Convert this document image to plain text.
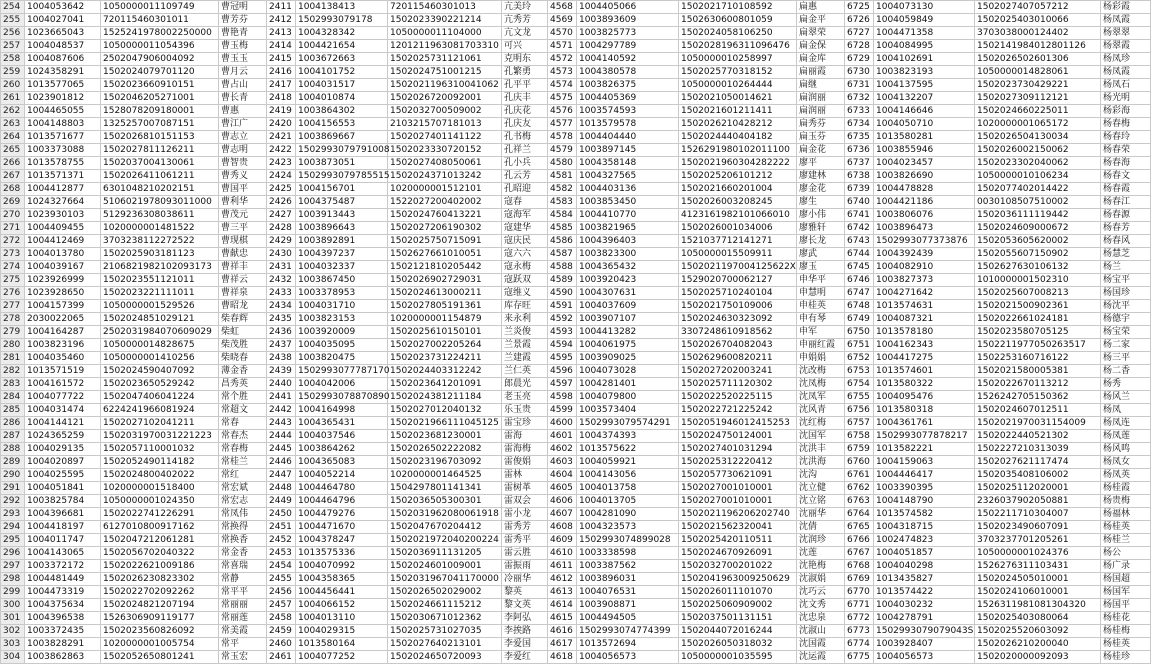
254	1004053642	1050000011109749	曹冠明	2411	1004138413	720115460301013	亢美玲	4568	1004405066	1502021710108592	扁惠	6725	1004073130	1502027407057212	杨彩霞
255	1004027041	720115460301011	曹芳芬	2412	1502993079178	1502023390221214	亢秀芳	4569	1003893609	1502630600801059	扁金平	6726	1004059849	1502025403010066	杨凤霞
256	1023665043	1525241978002250000	曹艳青	2413	1004328342	1050000011104000	亢文龙	4570	1003825773	1502024058106250	扁翠荣	6727	1004471358	3703038000124402	杨翠翠
257	1004048537	1050000011054396	曹玉梅	2414	1004421654	1201211963081703310	可兴	4571	1004297789	1502028196311096476	扁金保	6728	1004084995	1502141984012801126	杨翠霞
258	1004087606	2502047906004092	曹玉玉	2415	1003672663	1502025731121061	克明东	4572	1004140592	1050000010258997	扁金库	6729	1004102691	1502026502601306	杨凤珍
259	1024358291	1502024079701120	曹月云	2416	1004101752	1502024751001215	孔繁勇	4573	1004380578	1502025770318152	扁丽霞	6730	1003823193	1050000014828061	杨凤霞
260	1013577065	1502023660910151	曹占山	2417	1004031517	1502021196310041062	孔平平	4574	1003826375	1050000010264444	扁继	6731	1004137595	1502023730429221	杨凤石
261	1023901812	1502046205271001	曹长青	2418	1004010874	1502026720092001	孔庆丰	4575	1004405369	1502021050014621	扁润丽	6732	1004132207	1502027309112121	杨光明
262	1004465055	1528078209180001	曹惠	2419	1003864302	1502032700509002	孔庆花	4576	1003574593	1502021601211411	扁润丽	6733	1004146646	1502024660225011	杨彩海
263	1004148803	1325257007087151	曹江广	2420	1004156553	2103215707181013	孔庆友	4577	1013579578	1502026210428212	扁秀芬	6734	1004050710	1020000001065172	杨春梅
264	1013571677	1502026810151153	曹志立	2421	1003869667	1502027401141122	孔书梅	4578	1004404440	1502024440404182	扁玉芬	6735	1013580281	1502026504130034	杨春玲
265	1003373088	1502027811126211	曹志明	2422	1502993079791008	1502023330720152	孔祥兰	4579	1003897145	1526291980102011100	扁金花	6736	1003855946	1502026002150062	杨春荣
266	1013578755	1502037004130061	曹智贵	2423	1003873051	1502027408050061	孔小兵	4580	1004358148	1502021960304282222	廖平	6737	1004023457	1502023302040062	杨春海
267	1013571371	1502026411061211	曹秀义	2424	1502993079785515	1502024371013242	孔云芳	4581	1004327565	1502025206101212	廖建林	6738	1003826690	1050000010106234	杨春文
268	1004412877	6301048210202151	曹国平	2425	1004156701	1020000001512101	孔昭迎	4582	1004403136	1502021660201004	廖金花	6739	1004478828	1502077402014422	杨春霞
269	1024327664	5106021978093011000	曹利华	2426	1004375487	1522027200402002	寇春	4583	1003853450	1502026003208245	廖生	6740	1004421186	0030108507510002	杨春江
270	1023930103	5129236308038611	曹茂元	2427	1003913443	1502024760413221	寇海军	4584	1004410770	4123161982101066010	廖小伟	6741	1003806076	1502036111119442	杨春源
271	1004409455	1020000001481522	曹三平	2428	1003896643	1502027206190302	寇建华	4585	1003821965	1502026001034006	廖雅轩	6742	1003896473	1502024609000672	杨春芳
272	1004412469	3703238112272522	曹现棋	2429	1003892891	1502025750715091	寇庆民	4586	1004396403	1521037712141271	廖长龙	6743	1502993077373876	1502053605620002	杨春风
273	1004013780	1502025903181123	曹献忠	2430	1004397237	1502627661010051	寇六六	4587	1003823300	1050000015509911	廖武	6744	1004392439	1502055607150902	杨慧芝
274	1004039167	2106821982102093173	曹祥丰	2431	1004032337	1502121810205442	寇永梅	4588	1004365432	1502021197004125622X	廖玉	6745	1004082910	1502627630106132	杨兰
275	1023926999	1502023551121011	曹祥云	2432	1003867450	1502026902729031	寇跃双	4589	1003920423	1529020700062127	申华平	6746	1003827373	1010000001502310	杨宝平
276	1023928650	1502023221111011	曹祥泉	2433	1003378953	1502024613000211	寇维义	4590	1004307631	1502025710240104	申慧明	6747	1004271642	1502025607008213	杨国珍
277	1004157399	1050000001529526	曹昭龙	2434	1004031710	1502027805191361	库存旺	4591	1004037609	1502021750109006	申桂英	6748	1013574631	1502021500902361	杨沈平
278	2030022065	1502024851029121	柴春辉	2435	1003823153	1020000001154879	来永利	4592	1003907107	1502024630323092	申有琴	6749	1004087321	1502022661024181	杨德宇
279	1004164287	2502031984070609029	柴虹	2436	1003920009	1502025610150101	兰炎俊	4593	1004413282	3307248610918562	申军	6750	1013578180	1502023580705125	杨宝荣
280	1003823196	1050000014828675	柴茂胜	2437	1004035095	1502027002205264	兰景霞	4594	1004061975	1502026704082043	申丽红霞	6751	1004162343	1502211977050263517	杨二家
281	1004035460	1050000001410256	柴晓春	2438	1003820475	1502023731224211	兰建霞	4595	1003909025	1502629600820211	申娟娟	6752	1004417275	1502253160716122	杨三平
282	1013571519	1502024590407092	薄金香	2439	1502993077787170	1502024403312242	兰仁英	4596	1004073028	1502027202003241	沈改梅	6753	1013574601	1502021580005381	杨二香
283	1004161572	1502023650529242	昌秀英	2440	1004042006	1502023641201091	郎晨光	4597	1004281401	1502025711120302	沈凤梅	6754	1013580322	1502022670113212	杨秀
284	1004077722	1502047406041224	常个胜	2441	1502993078870890	1502024381211184	老玉亮	4598	1004079800	1502022520225115	沈凤军	6755	1004095476	1526242705150362	杨风兰
285	1004031474	6224241966081924	常超文	2442	1004164998	1502027012040132	乐玉贵	4599	1003573404	1502022721225242	沈风青	6756	1013580318	1502024607012511	杨凤
286	1004144121	1502027102041211	常春	2443	1004365431	1502021966111045125	雷宝珍	4600	1502993079574291	1502051946012415253	沈红梅	6757	1004361761	1502021970031154009	杨凤连
287	1024365259	1502031970031221223	常春杰	2444	1004037546	1502023681230001	雷海	4601	1004374393	1502024750124001	沈国军	6758	1502993077878217	1502022440521302	杨凤莲
288	1004029135	1502057110001032	常春梅	2445	1003864262	1502026502222082	雷海梅	4602	1013575622	1502027401031294	沈洪丰	6759	1013582221	1502227210313039	杨风鸣
289	1004020897	1502052490114182	常桂兰	2446	1004365083	1502023196703092	雷俊娟	4603	1004059921	1502025312220412	沈洪海	6760	1004159063	1502027621117474	杨凤女
290	1004025595	1502024800402022	常红	2447	1004052214	1020000001464525	雷林	4604	1004143056	1502057730621091	沈沟	6761	1004446417	1502035408106002	杨凤英
291	1004051841	1020000001518400	常宏斌	2448	1004464780	1504297801141341	雷树革	4605	1004013758	1502027001010001	沈立健	6762	1003390395	1502025112020001	杨桂霞
292	1003825784	1050000001024350	常宏志	2449	1004464796	1502036505300301	雷双会	4606	1004013705	1502027001010001	沈立铭	6763	1004148790	2326037902050881	杨贵梅
293	1004396681	1502022741226291	常凤伟	2450	1004479276	1502031962080061918	雷小龙	4607	1004281090	1502021196206202740	沈丽华	6764	1013574582	1502211710304007	杨福林
294	1004418197	6127010800917162	常换得	2451	1004471670	1502047670204412	雷秀芳	4608	1004323573	1502021562320041	沈倩	6765	1004318715	1502023490607091	杨桂英
295	1004011747	1502047212061281	常换香	2452	1004378247	1502021972040200224	雷秀平	4609	1502993074899028	1502025420110511	沈润珍	6766	1002474823	3703237701205261	杨桂兰
296	1004143065	1502056702040322	常金香	2453	1013575336	1502036911131205	雷云胜	4610	1003338598	1502024670926091	沈莲	6767	1004051857	1050000001024376	杨公
297	1003372172	1502022621009186	常喜瑞	2454	1004070992	1502024601009001	雷振雨	4611	1003387562	1502032700201022	沈艳梅	6768	1004040298	1526276311103431	杨广录
298	1004481449	1502026230823302	常静	2455	1004358365	1502031967041170000	冷丽华	4612	1003896031	1502041963009250629	沈淑娟	6769	1013435827	1502024505010001	杨国超
299	1004473319	1502022702092262	常平平	2456	1004456441	1502026502029002	黎英	4613	1004076531	1502026011101070	沈巧云	6770	1013574422	1502024106010001	杨国军
300	1004375634	1502024821207194	常丽丽	2457	1004066152	1502024661115212	黎文英	4614	1003908871	1502025060909002	沈文秀	6771	1004030232	1526311981081304320	杨国平
301	1004396538	1526306909119177	常丽莲	2458	1004013110	1502030671012362	李阿弘	4615	1004494505	1502037501131151	沈忠泉	6772	1004278791	1502025403080064	杨桂花
302	1003372435	1502023560826092	常美霞	2459	1004029315	1502025731027035	李挨路	4616	1502993074774399	1502044072016244	沈淑山	6773	1502993079079043S	1502025520603092	杨桂梅
303	1003828291	1020000001005754	常平	2460	1013580164	1502027640213101	李爱国	4617	1013572694	1502026050318032	沈国霞	6774	1003928407	1502026210200040	杨桂英
304	1003862863	1502052650801241	常玉宏	2461	1004077252	1502024650720093	李爱红	4618	1004056573	1050000001035595	沈运霞	6775	1004056573	1502020000092093	杨桂珍
